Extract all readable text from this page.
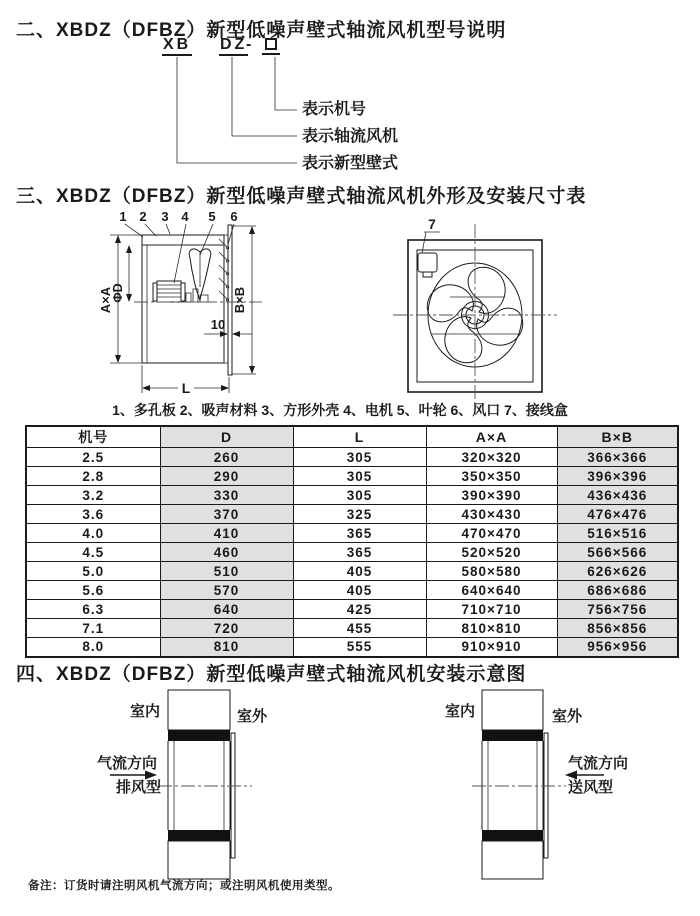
二、XBDZ（DFBZ）新型低噪声壁式轴流风机型号说明
XB DZ
-
表示机号
表示轴流风机
表示新型壁式
三、XBDZ（DFBZ）新型低噪声壁式轴流风机外形及安装尺寸表
1 2 3 4 5 6
A×A
ΦD	B×B
10
L
7
1、多孔板 2、吸声材料 3、方形外壳 4、电机 5、叶轮 6、风口 7、接线盒
机号	D	L	A×A	B×B
2.5	260	305	320×320	366×366
2.8	290	305	350×350	396×396
3.2	330	305	390×390	436×436
3.6	370	325	430×430	476×476
4.0	410	365	470×470	516×516
4.5	460	365	520×520	566×566
5.0	510	405	580×580	626×626
5.6	570	405	640×640	686×686
6.3	640	425	710×710	756×756
7.1	720	455	810×810	856×856
8.0	810	555	910×910	956×956
四、XBDZ（DFBZ）新型低噪声壁式轴流风机安装示意图
室内	室外
气流方向
排风型
室内	室外
气流方向
送风型
备注：订货时请注明风机气流方向；或注明风机使用类型。
